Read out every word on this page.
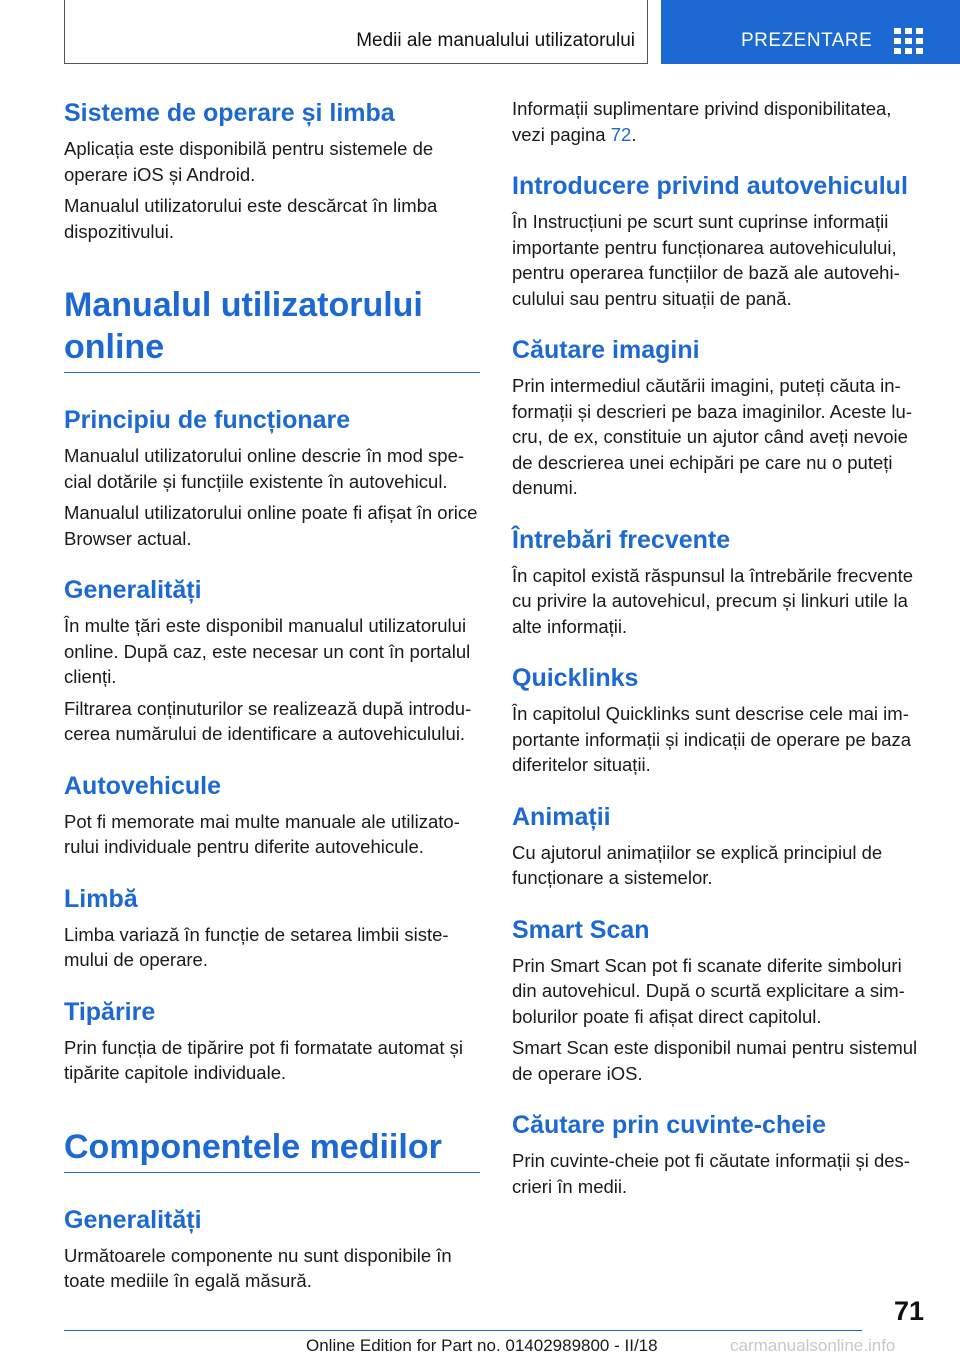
Medii ale manualului utilizatorului	PREZENTARE
Sisteme de operare și limba

Aplicația este disponibilă pentru sistemele de operare iOS și Android.

Manualul utilizatorului este descărcat în limba dispozitivului.

Manualul utilizatorului online
Principiu de funcționare

Manualul utilizatorului online descrie în mod special dotările și funcțiile existente în autovehicul.

Manualul utilizatorului online poate fi afișat în orice Browser actual.

Generalități

În multe țări este disponibil manualul utilizatorului online. După caz, este necesar un cont în portalul clienți.

Filtrarea conținuturilor se realizează după introducerea numărului de identificare a autovehiculului.

Autovehicule

Pot fi memorate mai multe manuale ale utilizatorului individuale pentru diferite autovehicule.

Limbă

Limba variază în funcție de setarea limbii sistemului de operare.

Tipărire

Prin funcția de tipărire pot fi formatate automat și tipărite capitole individuale.

Componentele mediilor
Generalități

Următoarele componente nu sunt disponibile în toate mediile în egală măsură.

Informații suplimentare privind disponibilitatea, vezi pagina 72.

Introducere privind autovehiculul

În Instrucțiuni pe scurt sunt cuprinse informații importante pentru funcționarea autovehiculului, pentru operarea funcțiilor de bază ale autovehiculului sau pentru situații de pană.

Căutare imagini

Prin intermediul căutării imagini, puteți căuta informații și descrieri pe baza imaginilor. Aceste lucru, de ex, constituie un ajutor când aveți nevoie de descrierea unei echipări pe care nu o puteți denumi.

Întrebări frecvente

În capitol există răspunsul la întrebările frecvente cu privire la autovehicul, precum și linkuri utile la alte informații.

Quicklinks

În capitolul Quicklinks sunt descrise cele mai importante informații și indicații de operare pe baza diferitelor situații.

Animații

Cu ajutorul animațiilor se explică principiul de funcționare a sistemelor.

Smart Scan

Prin Smart Scan pot fi scanate diferite simboluri din autovehicul. După o scurtă explicitare a simbolurilor poate fi afișat direct capitolul.

Smart Scan este disponibil numai pentru sistemul de operare iOS.

Căutare prin cuvinte-cheie

Prin cuvinte-cheie pot fi căutate informații și descrieri în medii.

71
Online Edition for Part no. 01402989800 - II/18	carmanualsonline.info
